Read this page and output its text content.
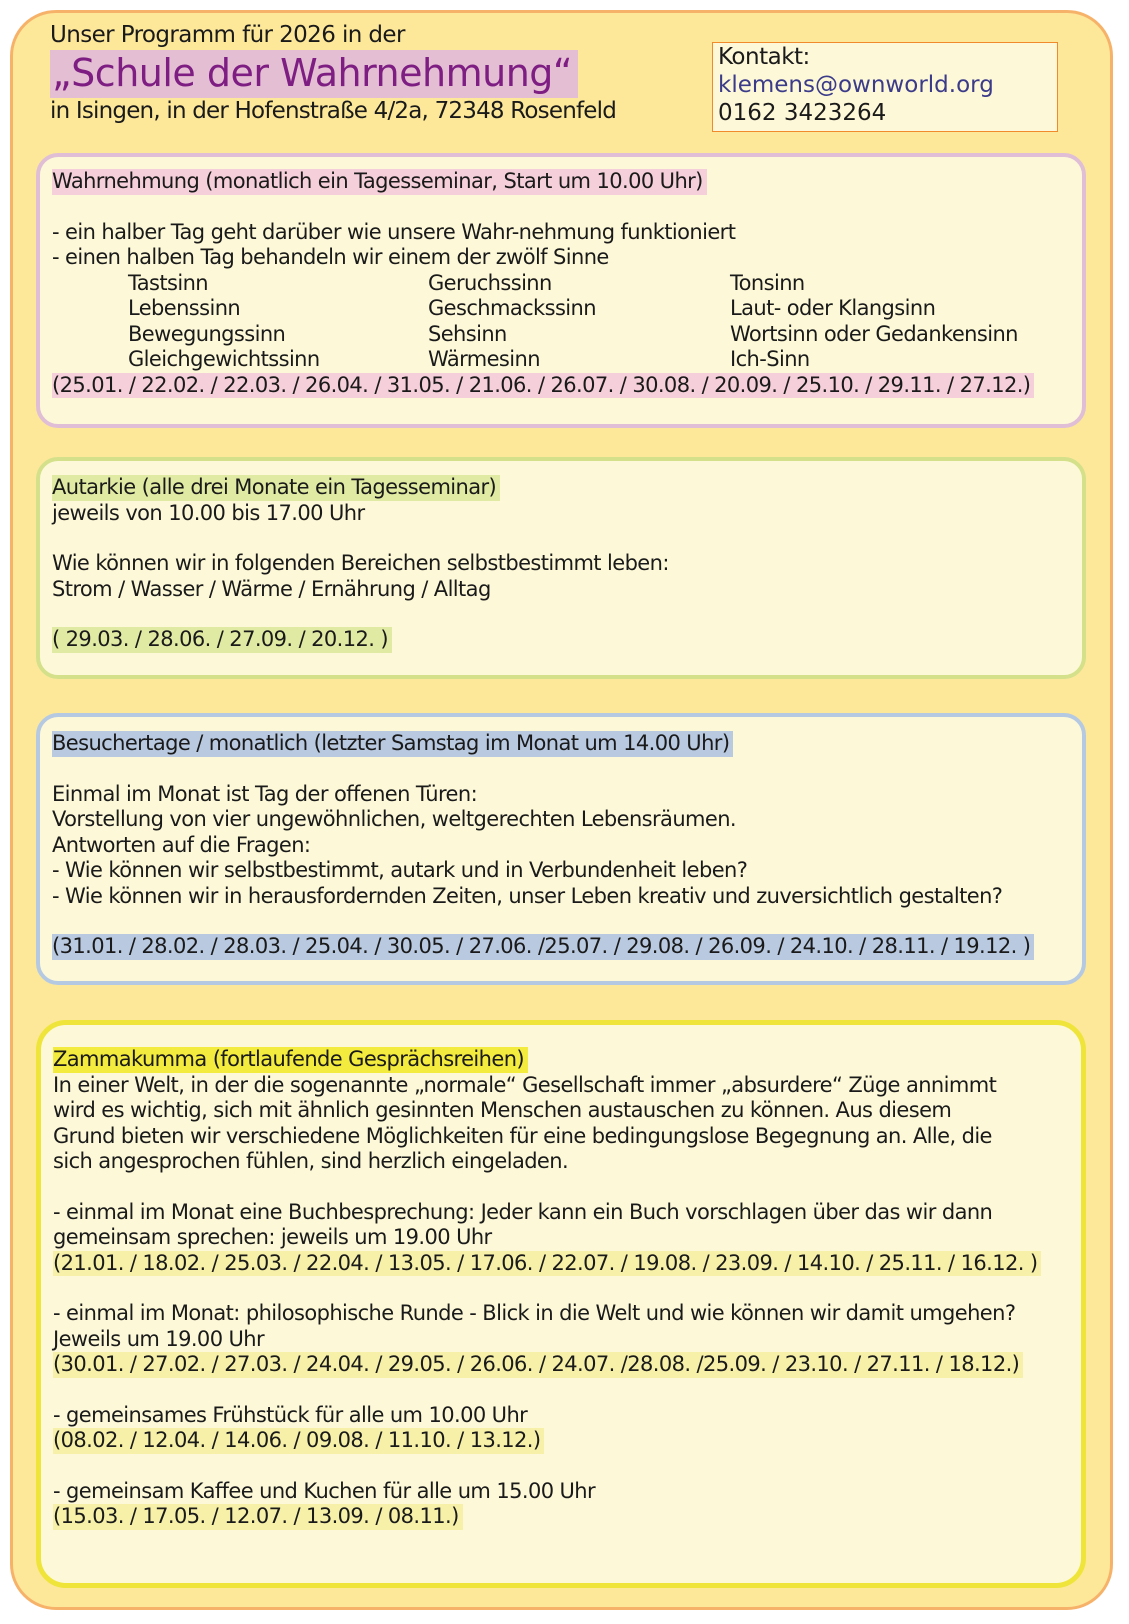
Unser Programm für 2026 in der
„Schule der Wahrnehmung“
in Isingen, in der Hofenstraße 4/2a, 72348 Rosenfeld
Kontakt:
klemens@ownworld.org
0162 3423264
Wahrnehmung (monatlich ein Tagesseminar, Start um 10.00 Uhr)
- ein halber Tag geht darüber wie unsere Wahr-nehmung funktioniert
- einen halben Tag behandeln wir einem der zwölf Sinne
Tastsinn	Geruchssinn	Tonsinn
Lebenssinn	Geschmackssinn	Laut- oder Klangsinn
Bewegungssinn	Sehsinn	Wortsinn oder Gedankensinn
Gleichgewichtssinn	Wärmesinn	Ich-Sinn
(25.01. / 22.02. / 22.03. / 26.04. / 31.05. / 21.06. / 26.07. / 30.08. / 20.09. / 25.10. / 29.11. / 27.12.)
Autarkie (alle drei Monate ein Tagesseminar)
jeweils von 10.00 bis 17.00 Uhr
Wie können wir in folgenden Bereichen selbstbestimmt leben:
Strom / Wasser / Wärme / Ernährung / Alltag
( 29.03. / 28.06. / 27.09. / 20.12. )
Besuchertage / monatlich (letzter Samstag im Monat um 14.00 Uhr)
Einmal im Monat ist Tag der offenen Türen:
Vorstellung von vier ungewöhnlichen, weltgerechten Lebensräumen.
Antworten auf die Fragen:
- Wie können wir selbstbestimmt, autark und in Verbundenheit leben?
- Wie können wir in herausfordernden Zeiten, unser Leben kreativ und zuversichtlich gestalten?
(31.01. / 28.02. / 28.03. / 25.04. / 30.05. / 27.06. /25.07. / 29.08. / 26.09. / 24.10. / 28.11. / 19.12. )
Zammakumma (fortlaufende Gesprächsreihen)
In einer Welt, in der die sogenannte „normale“ Gesellschaft immer „absurdere“ Züge annimmt
wird es wichtig, sich mit ähnlich gesinnten Menschen austauschen zu können. Aus diesem
Grund bieten wir verschiedene Möglichkeiten für eine bedingungslose Begegnung an. Alle, die
sich angesprochen fühlen, sind herzlich eingeladen.
- einmal im Monat eine Buchbesprechung: Jeder kann ein Buch vorschlagen über das wir dann
gemeinsam sprechen: jeweils um 19.00 Uhr
(21.01. / 18.02. / 25.03. / 22.04. / 13.05. / 17.06. / 22.07. / 19.08. / 23.09. / 14.10. / 25.11. / 16.12. )
- einmal im Monat: philosophische Runde - Blick in die Welt und wie können wir damit umgehen?
Jeweils um 19.00 Uhr
(30.01. / 27.02. / 27.03. / 24.04. / 29.05. / 26.06. / 24.07. /28.08. /25.09. / 23.10. / 27.11. / 18.12.)
- gemeinsames Frühstück für alle um 10.00 Uhr
(08.02. / 12.04. / 14.06. / 09.08. / 11.10. / 13.12.)
- gemeinsam Kaffee und Kuchen für alle um 15.00 Uhr
(15.03. / 17.05. / 12.07. / 13.09. / 08.11.)
